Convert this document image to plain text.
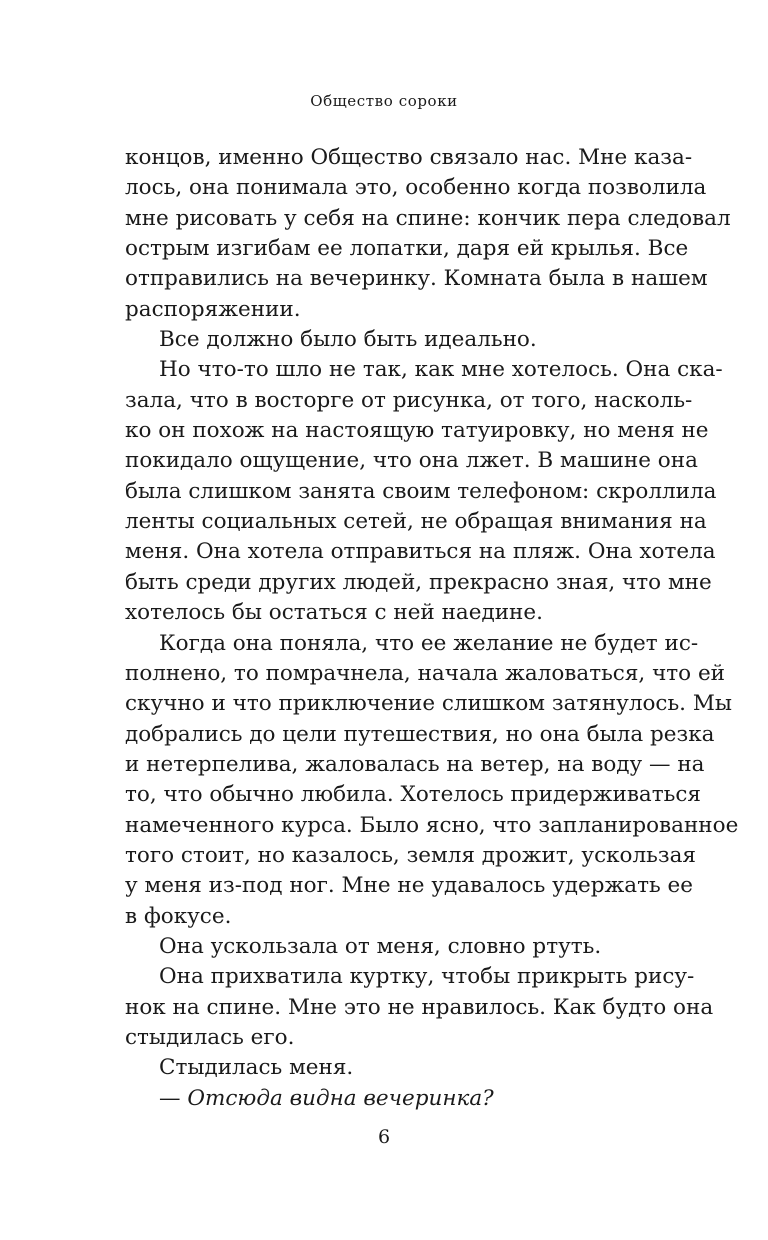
Общество сороки
концов, именно Общество связало нас. Мне каза-
лось, она понимала это, особенно когда позволила
мне рисовать у себя на спине: кончик пера следовал
острым изгибам ее лопатки, даря ей крылья. Все
отправились на вечеринку. Комната была в нашем
распоряжении.
Все должно было быть идеально.
Но что-то шло не так, как мне хотелось. Она ска-
зала, что в восторге от рисунка, от того, насколь-
ко он похож на настоящую татуировку, но меня не
покидало ощущение, что она лжет. В машине она
была слишком занята своим телефоном: скроллила
ленты социальных сетей, не обращая внимания на
меня. Она хотела отправиться на пляж. Она хотела
быть среди других людей, прекрасно зная, что мне
хотелось бы остаться с ней наедине.
Когда она поняла, что ее желание не будет ис-
полнено, то помрачнела, начала жаловаться, что ей
скучно и что приключение слишком затянулось. Мы
добрались до цели путешествия, но она была резка
и нетерпелива, жаловалась на ветер, на воду — на
то, что обычно любила. Хотелось придерживаться
намеченного курса. Было ясно, что запланированное
того стоит, но казалось, земля дрожит, ускользая
у меня из-под ног. Мне не удавалось удержать ее
в фокусе.
Она ускользала от меня, словно ртуть.
Она прихватила куртку, чтобы прикрыть рису-
нок на спине. Мне это не нравилось. Как будто она
стыдилась его.
Стыдилась меня.
— Отсюда видна вечеринка?
6
